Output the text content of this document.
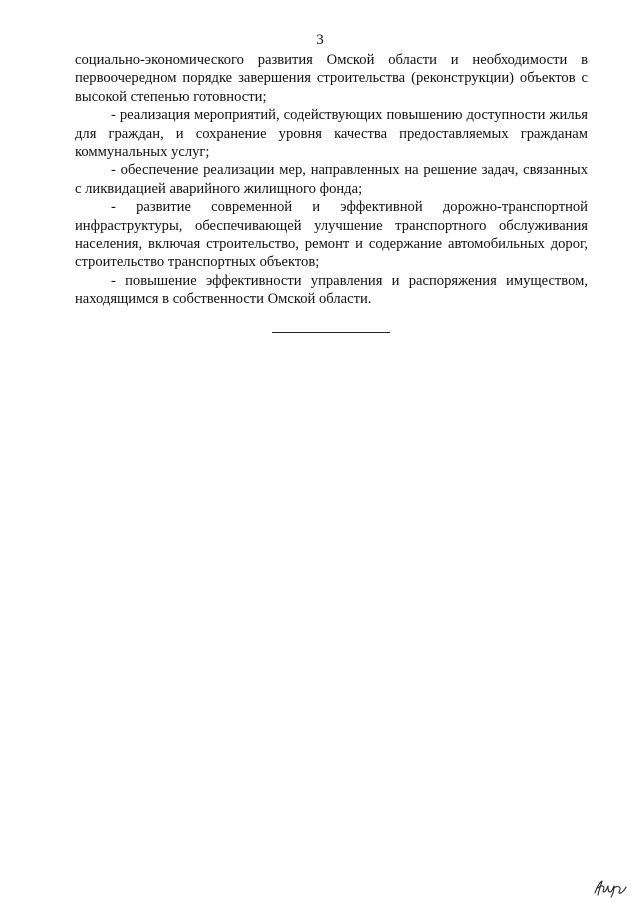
3

социально-экономического развития Омской области и необходимости в первоочередном порядке завершения строительства (реконструкции) объектов с высокой степенью готовности;

- реализация мероприятий, содействующих повышению доступности жилья для граждан, и сохранение уровня качества предоставляемых гражданам коммунальных услуг;

- обеспечение реализации мер, направленных на решение задач, связанных с ликвидацией аварийного жилищного фонда;

- развитие современной и эффективной дорожно-транспортной инфраструктуры, обеспечивающей улучшение транспортного обслуживания населения, включая строительство, ремонт и содержание автомобильных дорог, строительство транспортных объектов;

- повышение эффективности управления и распоряжения имуществом, находящимся в собственности Омской области.
